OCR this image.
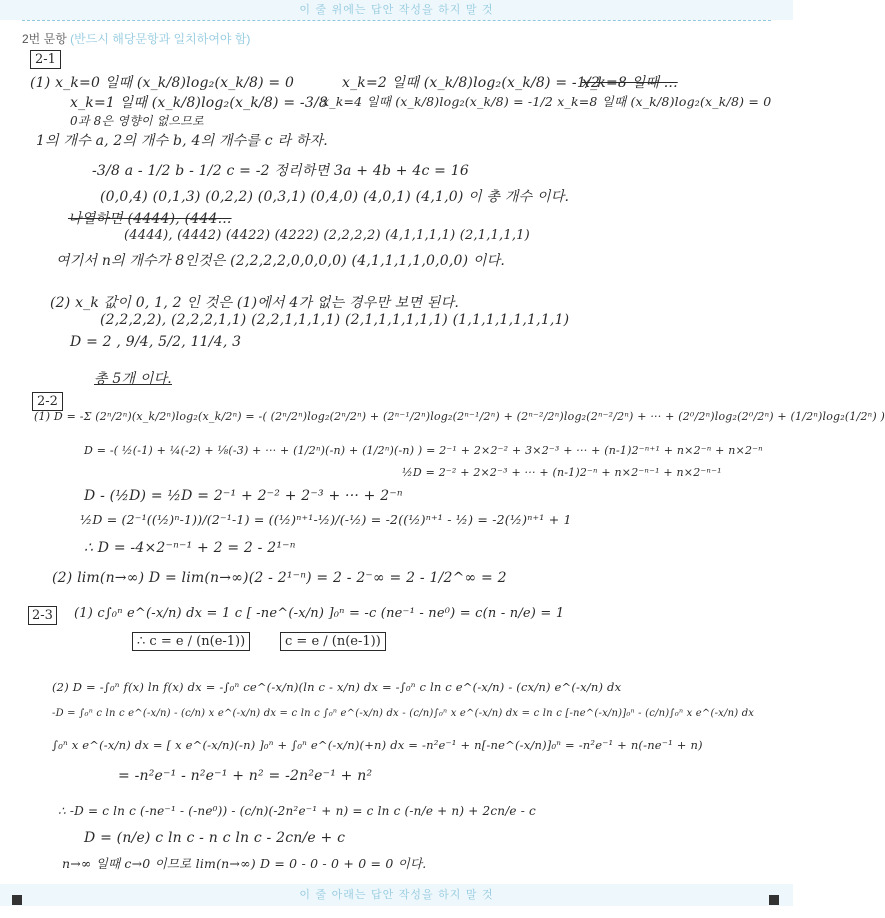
이 줄 위에는 답안 작성을 하지 말 것
2번 문항 (반드시 해당문항과 일치하여야 함)
2-1
(1) x_k=0 일때 (x_k/8)log₂(x_k/8) = 0	x_k=2 일때 (x_k/8)log₂(x_k/8) = -1/2
x_k=8 일때 ...
x_k=1 일때 (x_k/8)log₂(x_k/8) = -3/8
x_k=4 일때 (x_k/8)log₂(x_k/8) = -1/2 x_k=8 일때 (x_k/8)log₂(x_k/8) = 0
0과 8은 영향이 없으므로
1의 개수 a, 2의 개수 b, 4의 개수를 c 라 하자.
-3/8 a - 1/2 b - 1/2 c = -2 정리하면 3a + 4b + 4c = 16
(0,0,4) (0,1,3) (0,2,2) (0,3,1) (0,4,0) (4,0,1) (4,1,0) 이 총 개수 이다.
나열하면 (4444), (444...
(4444), (4442) (4422) (4222) (2,2,2,2) (4,1,1,1,1) (2,1,1,1,1)
여기서 n의 개수가 8인것은 (2,2,2,2,0,0,0,0) (4,1,1,1,1,0,0,0) 이다.
(2) x_k 값이 0, 1, 2 인 것은 (1)에서 4가 없는 경우만 보면 된다.
(2,2,2,2), (2,2,2,1,1) (2,2,1,1,1,1) (2,1,1,1,1,1,1) (1,1,1,1,1,1,1,1)
D = 2 , 9/4, 5/2, 11/4, 3
총 5개 이다.
2-2
(1) D = -Σ (2ⁿ/2ⁿ)(x_k/2ⁿ)log₂(x_k/2ⁿ) = -( (2ⁿ/2ⁿ)log₂(2ⁿ/2ⁿ) + (2ⁿ⁻¹/2ⁿ)log₂(2ⁿ⁻¹/2ⁿ) + (2ⁿ⁻²/2ⁿ)log₂(2ⁿ⁻²/2ⁿ) + ··· + (2⁰/2ⁿ)log₂(2⁰/2ⁿ) + (1/2ⁿ)log₂(1/2ⁿ) )
D = -( ½(-1) + ¼(-2) + ⅛(-3) + ··· + (1/2ⁿ)(-n) + (1/2ⁿ)(-n) ) = 2⁻¹ + 2×2⁻² + 3×2⁻³ + ··· + (n-1)2⁻ⁿ⁺¹ + n×2⁻ⁿ + n×2⁻ⁿ
½D = 2⁻² + 2×2⁻³ + ··· + (n-1)2⁻ⁿ + n×2⁻ⁿ⁻¹ + n×2⁻ⁿ⁻¹
D - (½D) = ½D = 2⁻¹ + 2⁻² + 2⁻³ + ··· + 2⁻ⁿ
½D = (2⁻¹((½)ⁿ-1))/(2⁻¹-1) = ((½)ⁿ⁺¹-½)/(-½) = -2((½)ⁿ⁺¹ - ½) = -2(½)ⁿ⁺¹ + 1
∴ D = -4×2⁻ⁿ⁻¹ + 2 = 2 - 2¹⁻ⁿ
(2) lim(n→∞) D = lim(n→∞)(2 - 2¹⁻ⁿ) = 2 - 2⁻∞ = 2 - 1/2^∞ = 2
2-3	(1) c∫₀ⁿ e^(-x/n) dx = 1 c [ -ne^(-x/n) ]₀ⁿ = -c (ne⁻¹ - ne⁰) = c(n - n/e) = 1
∴ c = e / (n(e-1))	c = e / (n(e-1))
(2) D = -∫₀ⁿ f(x) ln f(x) dx = -∫₀ⁿ ce^(-x/n)(ln c - x/n) dx = -∫₀ⁿ c ln c e^(-x/n) - (cx/n) e^(-x/n) dx
-D = ∫₀ⁿ c ln c e^(-x/n) - (c/n) x e^(-x/n) dx = c ln c ∫₀ⁿ e^(-x/n) dx - (c/n)∫₀ⁿ x e^(-x/n) dx = c ln c [-ne^(-x/n)]₀ⁿ - (c/n)∫₀ⁿ x e^(-x/n) dx
∫₀ⁿ x e^(-x/n) dx = [ x e^(-x/n)(-n) ]₀ⁿ + ∫₀ⁿ e^(-x/n)(+n) dx = -n²e⁻¹ + n[-ne^(-x/n)]₀ⁿ = -n²e⁻¹ + n(-ne⁻¹ + n)
= -n²e⁻¹ - n²e⁻¹ + n² = -2n²e⁻¹ + n²
∴ -D = c ln c (-ne⁻¹ - (-ne⁰)) - (c/n)(-2n²e⁻¹ + n) = c ln c (-n/e + n) + 2cn/e - c
D = (n/e) c ln c - n c ln c - 2cn/e + c
n→∞ 일때 c→0 이므로 lim(n→∞) D = 0 - 0 - 0 + 0 = 0 이다.
이 줄 아래는 답안 작성을 하지 말 것
